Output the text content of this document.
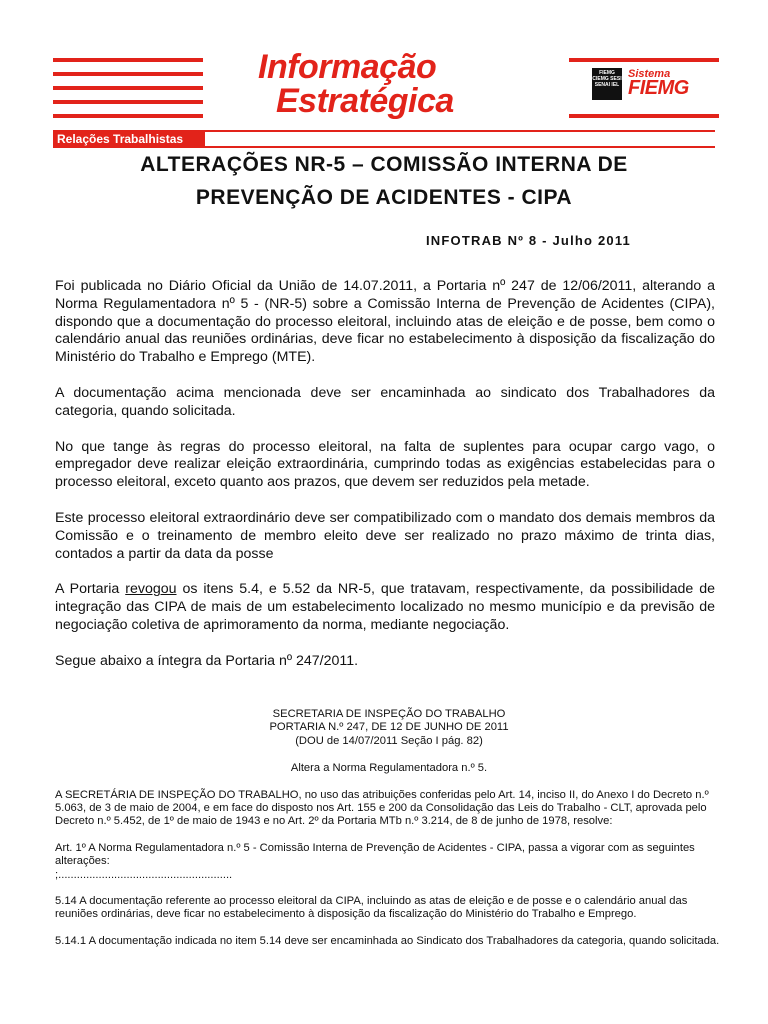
Informação
Estratégica
FIEMG CIEMG SESI SENAI IEL
Sistema
FIEMG
Relações Trabalhistas
ALTERAÇÕES NR-5 – COMISSÃO INTERNA DE
PREVENÇÃO DE ACIDENTES - CIPA
INFOTRAB Nº 8 - Julho 2011

Foi publicada no Diário Oficial da União de 14.07.2011, a Portaria nº 247 de 12/06/2011, alterando a Norma Regulamentadora nº 5 - (NR-5) sobre a Comissão Interna de Prevenção de Acidentes (CIPA), dispondo que a documentação do processo eleitoral, incluindo atas de eleição e de posse, bem como o calendário anual das reuniões ordinárias, deve ficar no estabelecimento à disposição da fiscalização do Ministério do Trabalho e Emprego (MTE).

A documentação acima mencionada deve ser encaminhada ao sindicato dos Trabalhadores da categoria, quando solicitada.

No que tange às regras do processo eleitoral, na falta de suplentes para ocupar cargo vago, o empregador deve realizar eleição extraordinária, cumprindo todas as exigências estabelecidas para o processo eleitoral, exceto quanto aos prazos, que devem ser reduzidos pela metade.

Este processo eleitoral extraordinário deve ser compatibilizado com o mandato dos demais membros da Comissão e o treinamento de membro eleito deve ser realizado no prazo máximo de trinta dias, contados a partir da data da posse

A Portaria revogou os itens 5.4, e 5.52 da NR-5, que tratavam, respectivamente, da possibilidade de integração das CIPA de mais de um estabelecimento localizado no mesmo município e da previsão de negociação coletiva de aprimoramento da norma, mediante negociação.

Segue abaixo a íntegra da Portaria nº 247/2011.

SECRETARIA DE INSPEÇÃO DO TRABALHO

PORTARIA N.º 247, DE 12 DE JUNHO DE 2011

(DOU de 14/07/2011 Seção I pág. 82)

Altera a Norma Regulamentadora n.º 5.

A SECRETÁRIA DE INSPEÇÃO DO TRABALHO, no uso das atribuições conferidas pelo Art. 14, inciso II, do Anexo I do Decreto n.º 5.063, de 3 de maio de 2004, e em face do disposto nos Art. 155 e 200 da Consolidação das Leis do Trabalho - CLT, aprovada pelo Decreto n.º 5.452, de 1º de maio de 1943 e no Art. 2º da Portaria MTb n.º 3.214, de 8 de junho de 1978, resolve:

Art. 1º A Norma Regulamentadora n.º 5 - Comissão Interna de Prevenção de Acidentes - CIPA, passa a vigorar com as seguintes alterações:

;........................................................

5.14 A documentação referente ao processo eleitoral da CIPA, incluindo as atas de eleição e de posse e o calendário anual das reuniões ordinárias, deve ficar no estabelecimento à disposição da fiscalização do Ministério do Trabalho e Emprego.

5.14.1 A documentação indicada no item 5.14 deve ser encaminhada ao Sindicato dos Trabalhadores da categoria, quando solicitada.
